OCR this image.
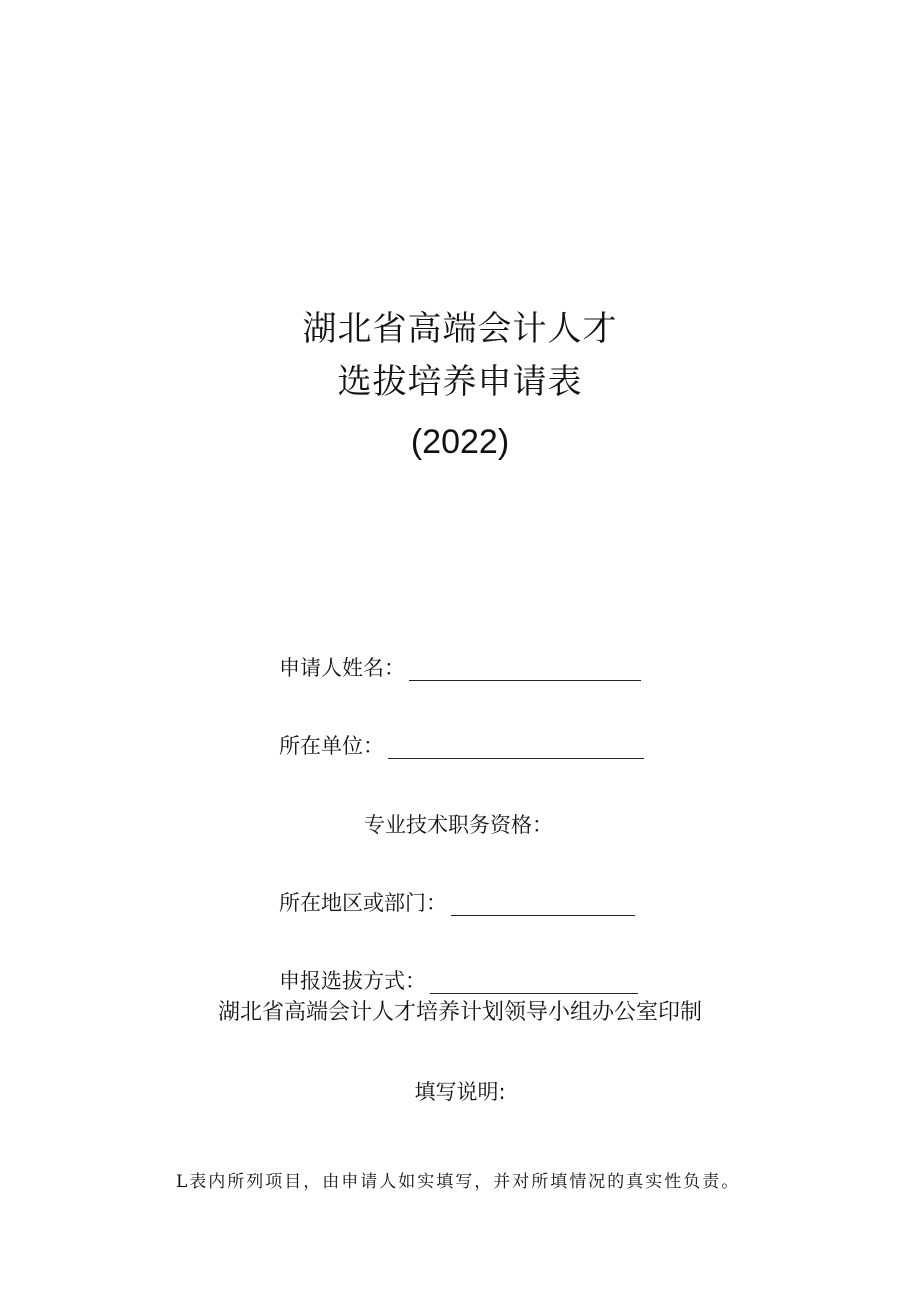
湖北省高端会计人才
选拔培养申请表
(2022)
申请人姓名：
所在单位：
专业技术职务资格：
所在地区或部门：
申报选拔方式：
湖北省高端会计人才培养计划领导小组办公室印制
填写说明:
L表内所列项目，由申请人如实填写，并对所填情况的真实性负责。
